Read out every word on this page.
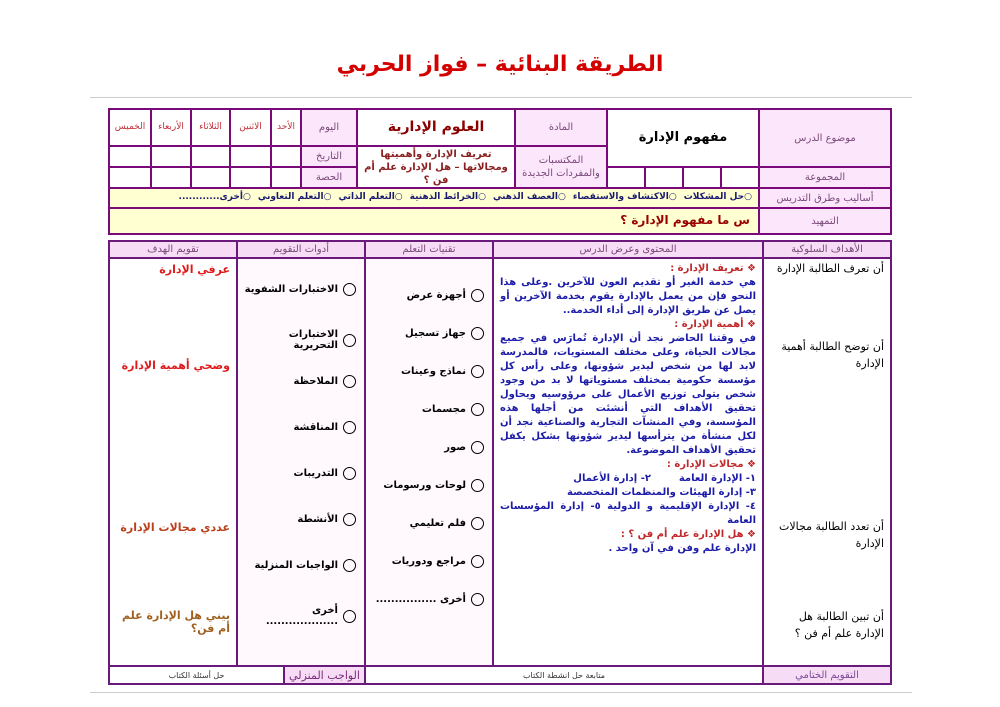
الطريقة البنائية – فواز الحربي
موضوع الدرس
مفهوم الإدارة
المادة
العلوم الإدارية
اليوم
الأحد
الاثنين
الثلاثاء
الأربعاء
الخميس
المكتسبات والمفردات الجديدة
تعريف الإدارة وأهميتها ومجالاتها – هل الإدارة علم أم فن ؟
التاريخ
الحصة	المجموعة
أساليب وطرق التدريس
○حل المشكلات
○الاكتشاف والاستقصاء
○العصف الذهني
○الخرائط الذهنية
○التعلم الذاتي
○التعلم التعاوني
○أخرى............
التمهيد
س ما مفهوم الإدارة ؟
الأهداف السلوكية
المحتوى وعرض الدرس
تقنيات التعلم
أدوات التقويم
تقويم الهدف
أن تعرف الطالبة الإدارة
أن توضح الطالبة أهمية الإدارة
أن تعدد الطالبة مجالات الإدارة
أن تبين الطالبة هل الإدارة علم أم فن ؟
❖ تعريف الإدارة :
هي خدمة الغير أو تقديم العون للآخرين .وعلى هذا النحو فإن من يعمل بالإدارة يقوم بخدمة الآخرين أو يصل عن طريق الإدارة إلى أداء الخدمة..
❖ أهمية الإدارة :
في وقتنا الحاضر نجد أن الإدارة تُمارَس في جميع مجالات الحياة، وعلى مختلف المستويات، فالمدرسة لابد لها من شخص ليدير شؤونها، وعلى رأس كل مؤسسة حكومية بمختلف مستوياتها لا بد من وجود شخص يتولى توزيع الأعمال على مرؤوسيه ويحاول تحقيق الأهداف التي أنشئت من أجلها هذه المؤسسة، وفي المنشآت التجارية والصناعية نجد أن لكل منشأة من يترأسها ليدير شؤونها بشكل يكفل تحقيق الأهداف الموضوعة.
❖ مجالات الإدارة :
١- الإدارة العامة        ٢- إدارة الأعمال
٣- إدارة الهيئات والمنظمات المتخصصة
٤- الإدارة الإقليمية و الدولية ٥- إدارة المؤسسات العامة
❖ هل الإدارة علم أم فن ؟ :
الإدارة علم وفن في آن واحد .
أجهزة عرض
جهاز تسجيل
نماذج وعينات
مجسمات
صور
لوحات ورسومات
فلم تعليمي
مراجع ودوريات
أخرى ................
الاختبارات الشفوية
الاختبارات التحريرية
الملاحظة
المناقشة
التدريبات
الأنشطة
الواجبات المنزلية
أخرى ...................
عرفي الإدارة
وضحي أهمية الإدارة
عددي مجالات الإدارة
بيني هل الإدارة علم أم فن؟
التقويم الختامي
متابعة حل انشطة الكتاب
الواجب المنزلي
حل أسئلة الكتاب
